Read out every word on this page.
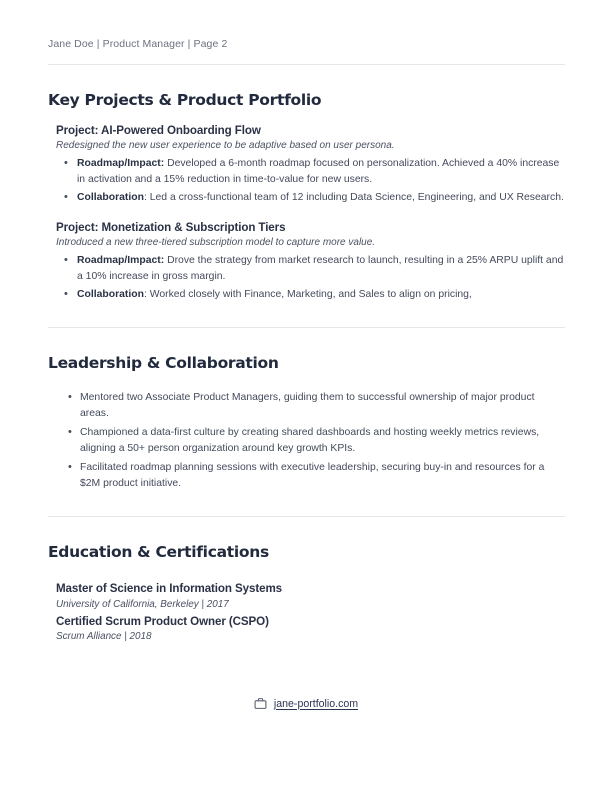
Jane Doe | Product Manager | Page 2
Key Projects & Product Portfolio
Project: AI-Powered Onboarding Flow
Redesigned the new user experience to be adaptive based on user persona.
• Roadmap/Impact: Developed a 6-month roadmap focused on personalization. Achieved a 40% increase in activation and a 15% reduction in time-to-value for new users.
• Collaboration: Led a cross-functional team of 12 including Data Science, Engineering, and UX Research.
Project: Monetization & Subscription Tiers
Introduced a new three-tiered subscription model to capture more value.
• Roadmap/Impact: Drove the strategy from market research to launch, resulting in a 25% ARPU uplift and a 10% increase in gross margin.
• Collaboration: Worked closely with Finance, Marketing, and Sales to align on pricing,
Leadership & Collaboration
• Mentored two Associate Product Managers, guiding them to successful ownership of major product areas.
• Championed a data-first culture by creating shared dashboards and hosting weekly metrics reviews, aligning a 50+ person organization around key growth KPIs.
• Facilitated roadmap planning sessions with executive leadership, securing buy-in and resources for a $2M product initiative.
Education & Certifications
Master of Science in Information Systems
University of California, Berkeley | 2017
Certified Scrum Product Owner (CSPO)
Scrum Alliance | 2018
jane-portfolio.com
